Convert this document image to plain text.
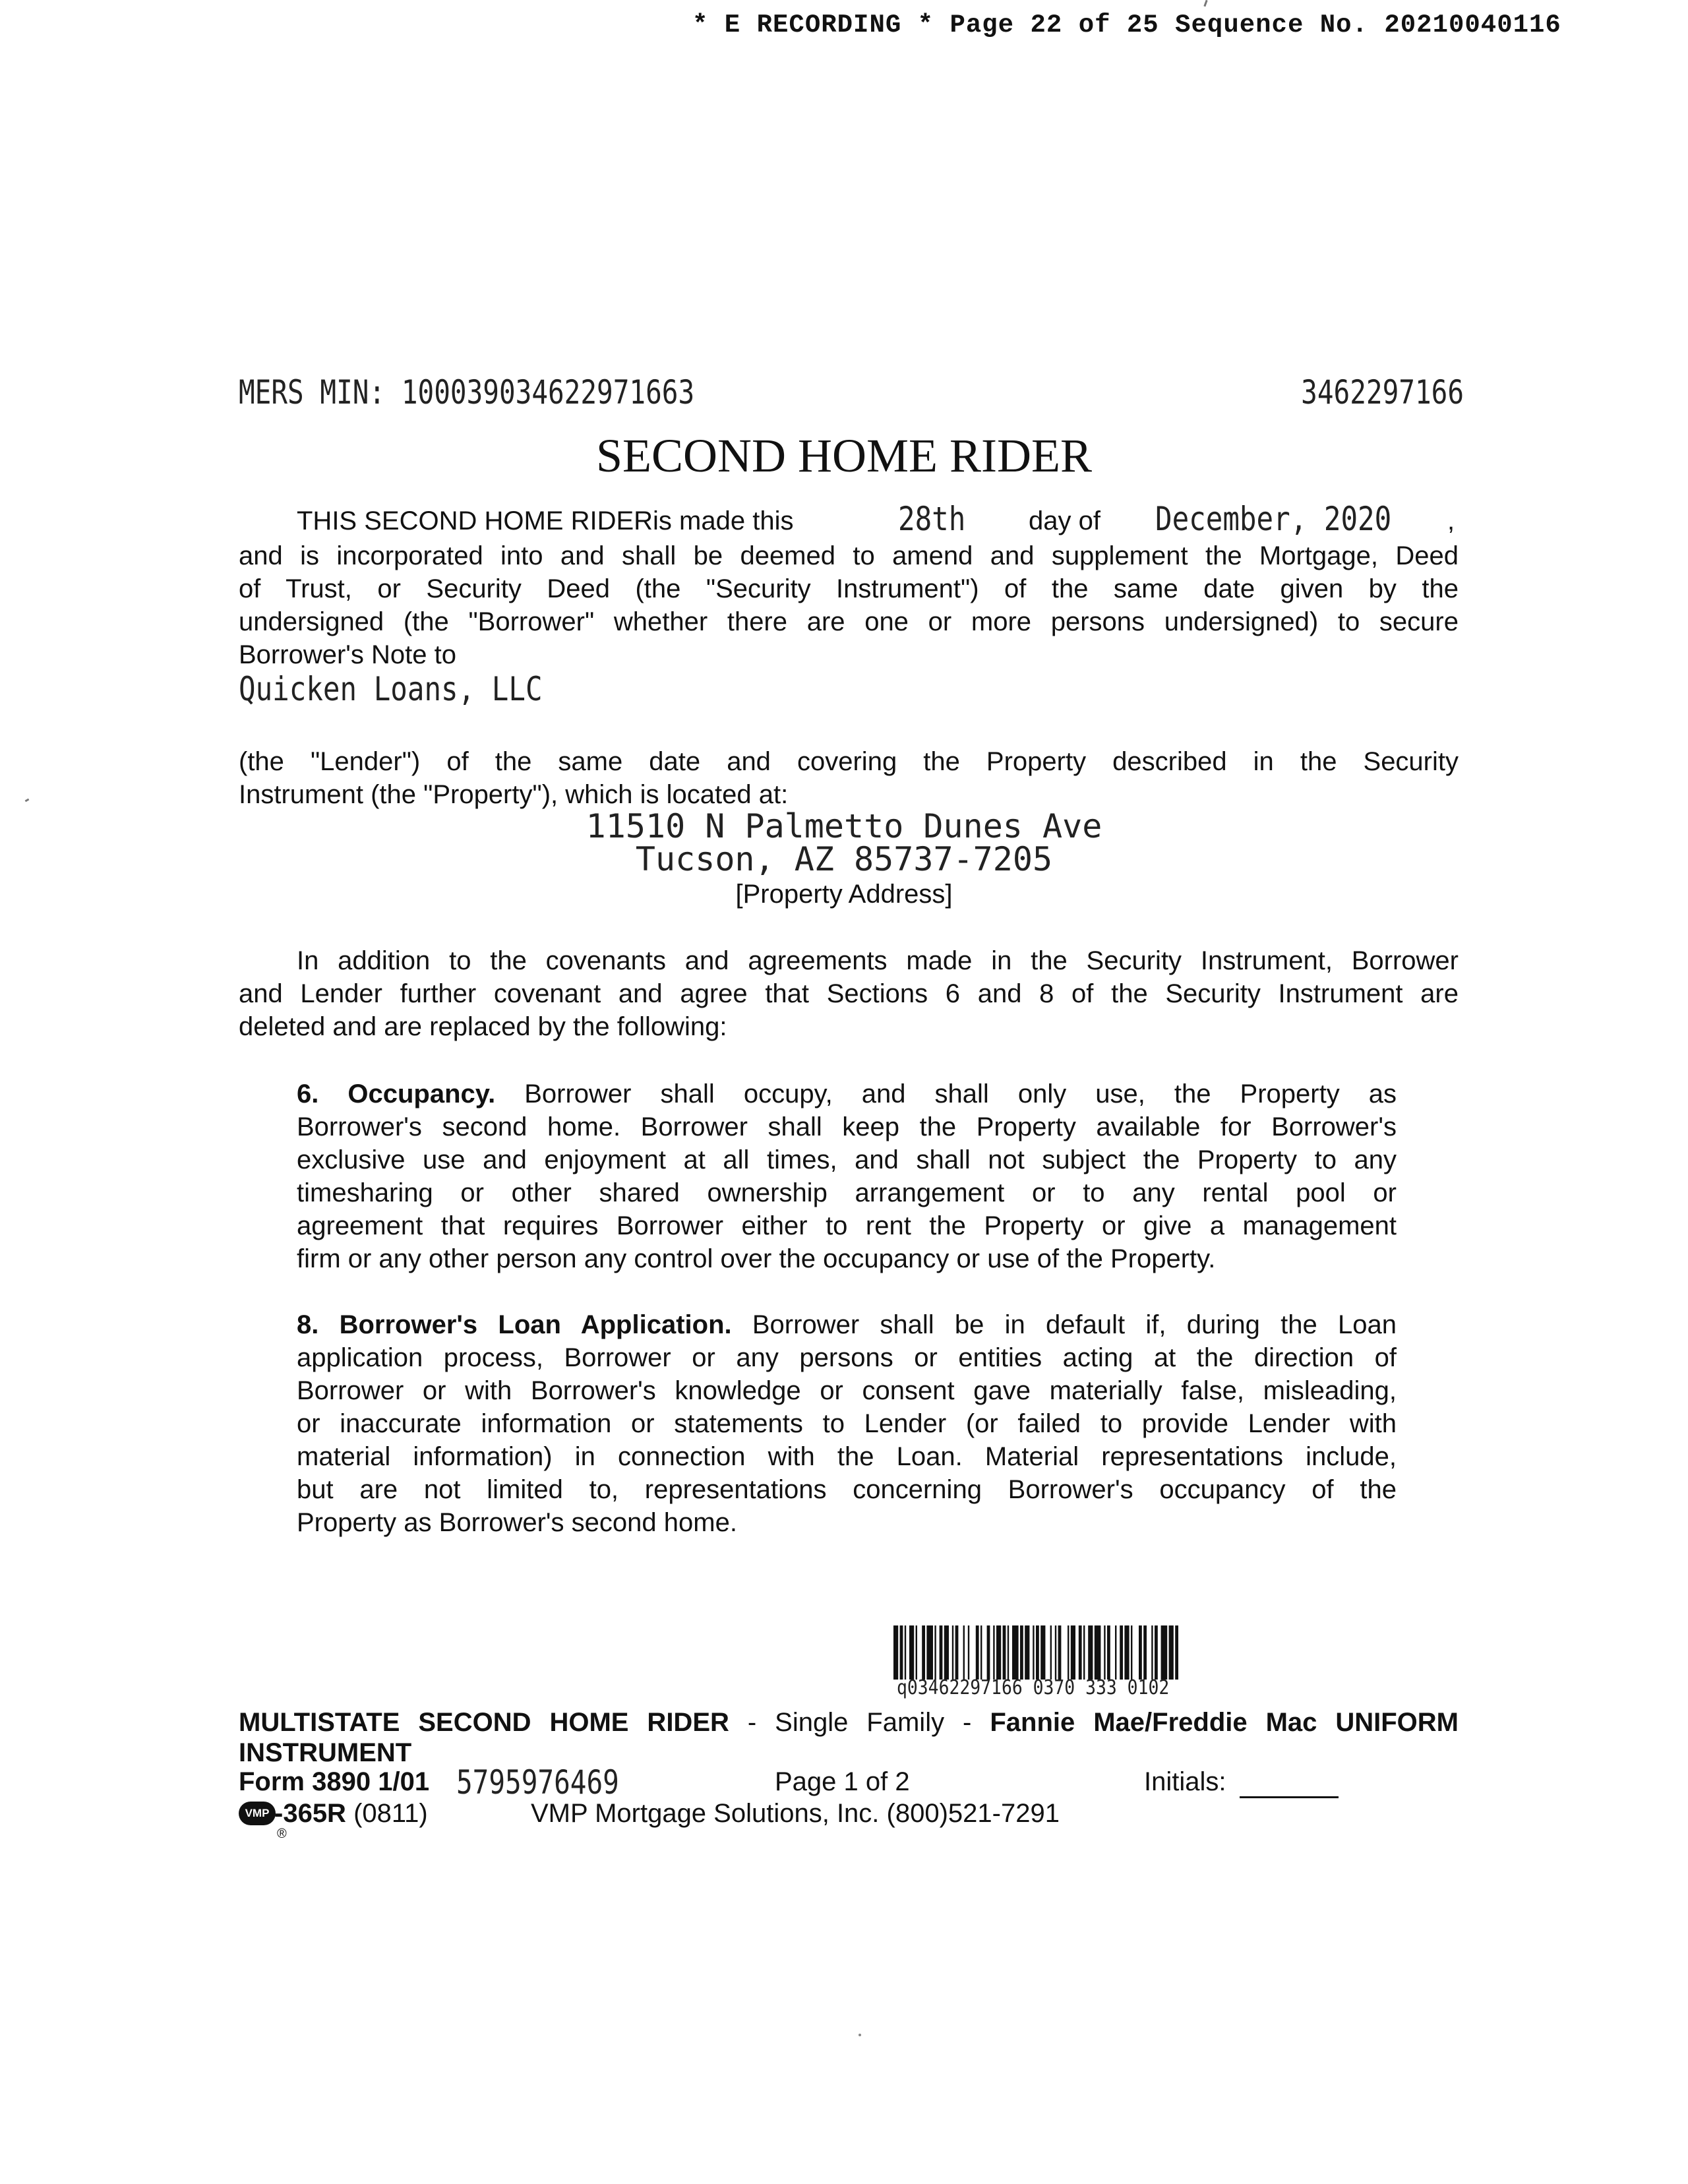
* E RECORDING * Page 22 of 25 Sequence No. 20210040116
MERS MIN: 100039034622971663	3462297166
SECOND HOME RIDER
THIS SECOND HOME RIDERis made this	28th day of December, 2020 ,
and is incorporated into and shall be deemed to amend and supplement the Mortgage, Deed
of Trust, or Security Deed (the "Security Instrument") of the same date given by the
undersigned (the "Borrower" whether there are one or more persons undersigned) to secure
Borrower's Note to
Quicken Loans, LLC
(the "Lender") of the same date and covering the Property described in the Security
Instrument (the "Property"), which is located at:
11510 N Palmetto Dunes Ave
Tucson, AZ 85737-7205
[Property Address]
In addition to the covenants and agreements made in the Security Instrument, Borrower
and Lender further covenant and agree that Sections 6 and 8 of the Security Instrument are
deleted and are replaced by the following:
6. Occupancy. Borrower shall occupy, and shall only use, the Property as
Borrower's second home. Borrower shall keep the Property available for Borrower's
exclusive use and enjoyment at all times, and shall not subject the Property to any
timesharing or other shared ownership arrangement or to any rental pool or
agreement that requires Borrower either to rent the Property or give a management
firm or any other person any control over the occupancy or use of the Property.
8. Borrower's Loan Application. Borrower shall be in default if, during the Loan
application process, Borrower or any persons or entities acting at the direction of
Borrower or with Borrower's knowledge or consent gave materially false, misleading,
or inaccurate information or statements to Lender (or failed to provide Lender with
material information) in connection with the Loan. Material representations include,
but are not limited to, representations concerning Borrower's occupancy of the
Property as Borrower's second home.
q03462297166 0370 333 0102
MULTISTATE SECOND HOME RIDER - Single Family - Fannie Mae/Freddie Mac UNIFORM
INSTRUMENT
Form 3890 1/01 5795976469	Page 1 of 2	Initials:
VMP
®
-365R (0811)	VMP Mortgage Solutions, Inc. (800)521-7291
